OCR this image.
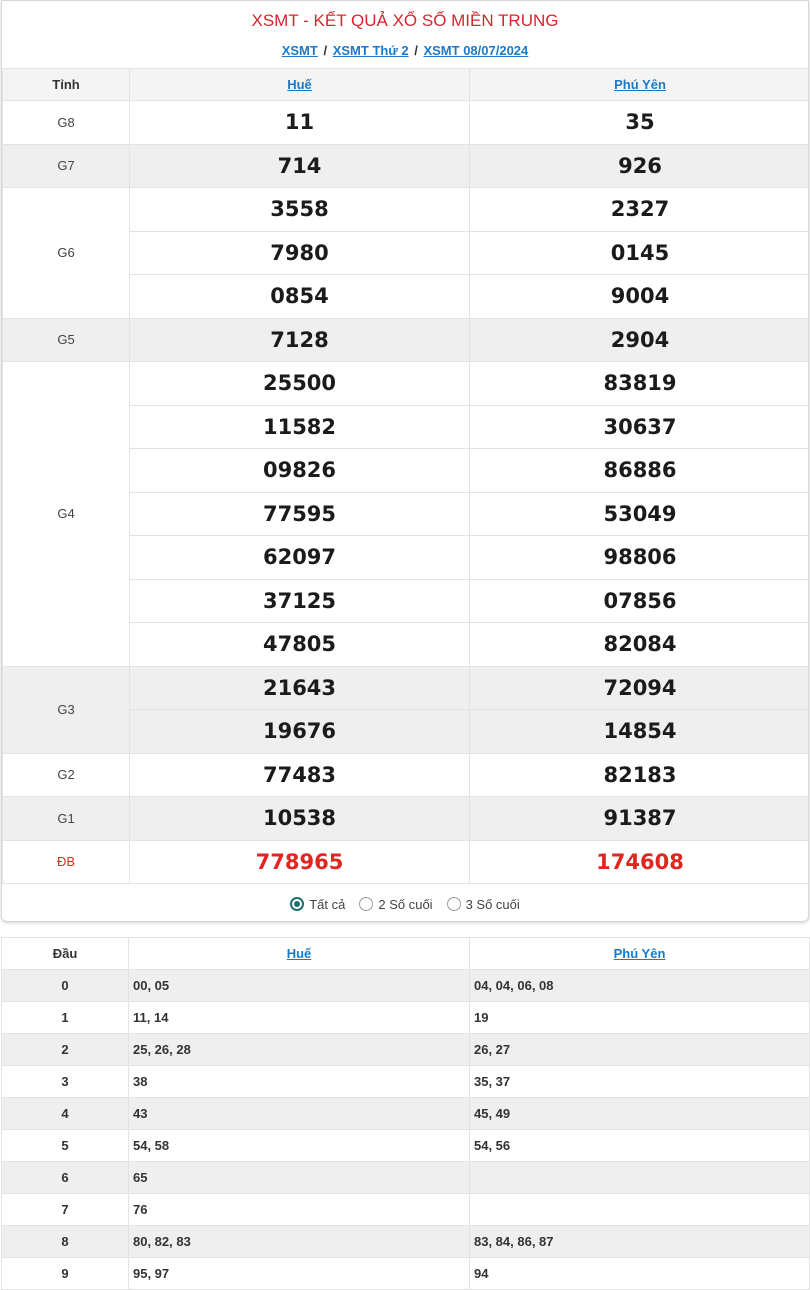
XSMT - KẾT QUẢ XỔ SỐ MIỀN TRUNG
XSMT / XSMT Thứ 2 / XSMT 08/07/2024
Tỉnh	Huế	Phú Yên
G8	11	35
G7	714	926
G6	3558	2327
	7980	0145
	0854	9004
G5	7128	2904
G4	25500	83819
	11582	30637
	09826	86886
	77595	53049
	62097	98806
	37125	07856
	47805	82084
G3	21643	72094
	19676	14854
G2	77483	82183
G1	10538	91387
ĐB	778965	174608
Tất cả	2 Số cuối	3 Số cuối
Đầu	Huế	Phú Yên
0	00, 05	04, 04, 06, 08
1	11, 14	19
2	25, 26, 28	26, 27
3	38	35, 37
4	43	45, 49
5	54, 58	54, 56
6	65	
7	76	
8	80, 82, 83	83, 84, 86, 87
9	95, 97	94
